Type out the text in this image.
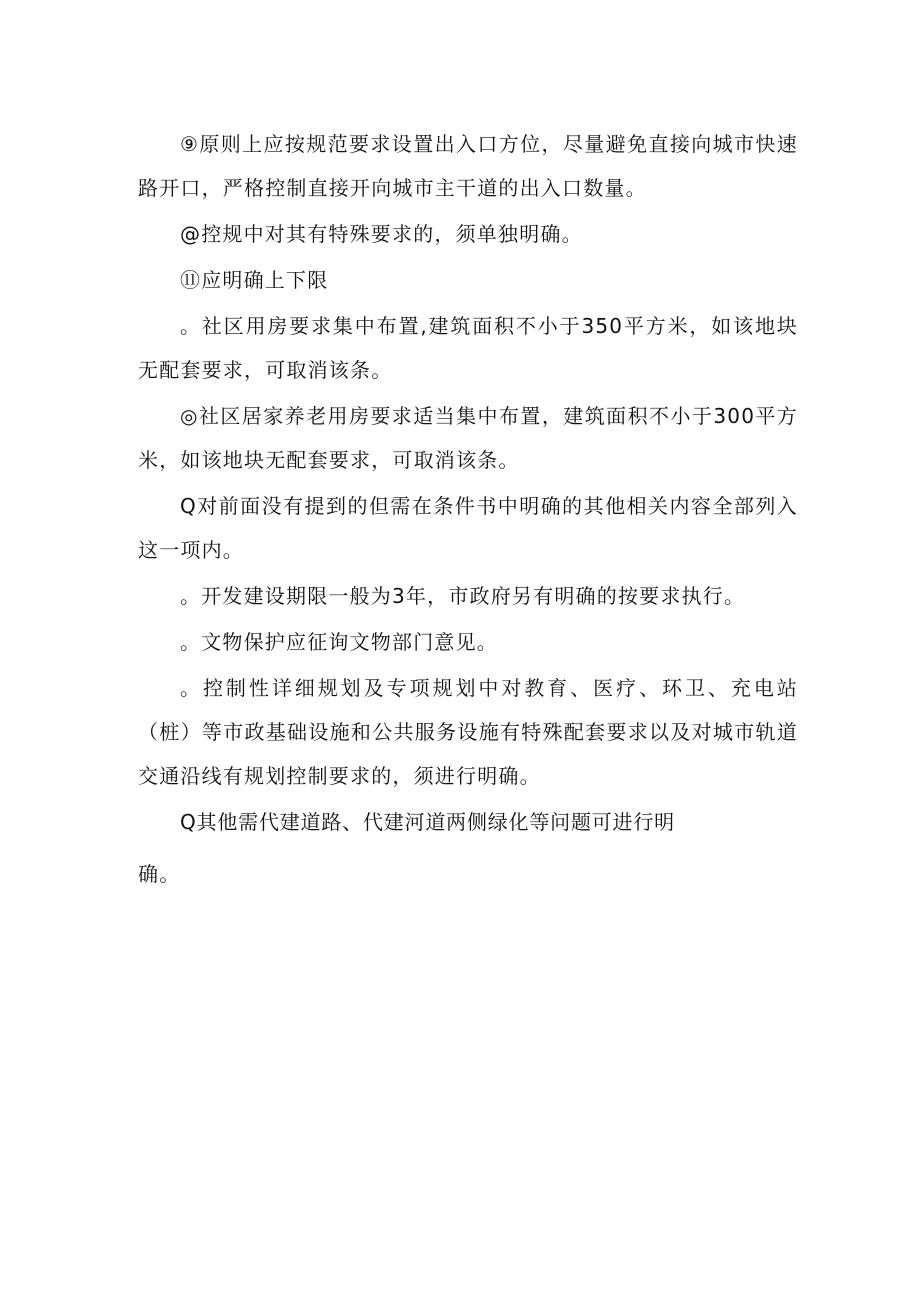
⑨原则上应按规范要求设置出入口方位，尽量避免直接向城市快速路开口，严格控制直接开向城市主干道的出入口数量。

@控规中对其有特殊要求的，须单独明确。

⑪应明确上下限

。社区用房要求集中布置,建筑面积不小于350平方米，如该地块无配套要求，可取消该条。

◎社区居家养老用房要求适当集中布置，建筑面积不小于300平方米，如该地块无配套要求，可取消该条。

Q对前面没有提到的但需在条件书中明确的其他相关内容全部列入这一项内。

。开发建设期限一般为3年，市政府另有明确的按要求执行。

。文物保护应征询文物部门意见。

。控制性详细规划及专项规划中对教育、医疗、环卫、充电站（桩）等市政基础设施和公共服务设施有特殊配套要求以及对城市轨道交通沿线有规划控制要求的，须进行明确。

Q其他需代建道路、代建河道两侧绿化等问题可进行明

确。
